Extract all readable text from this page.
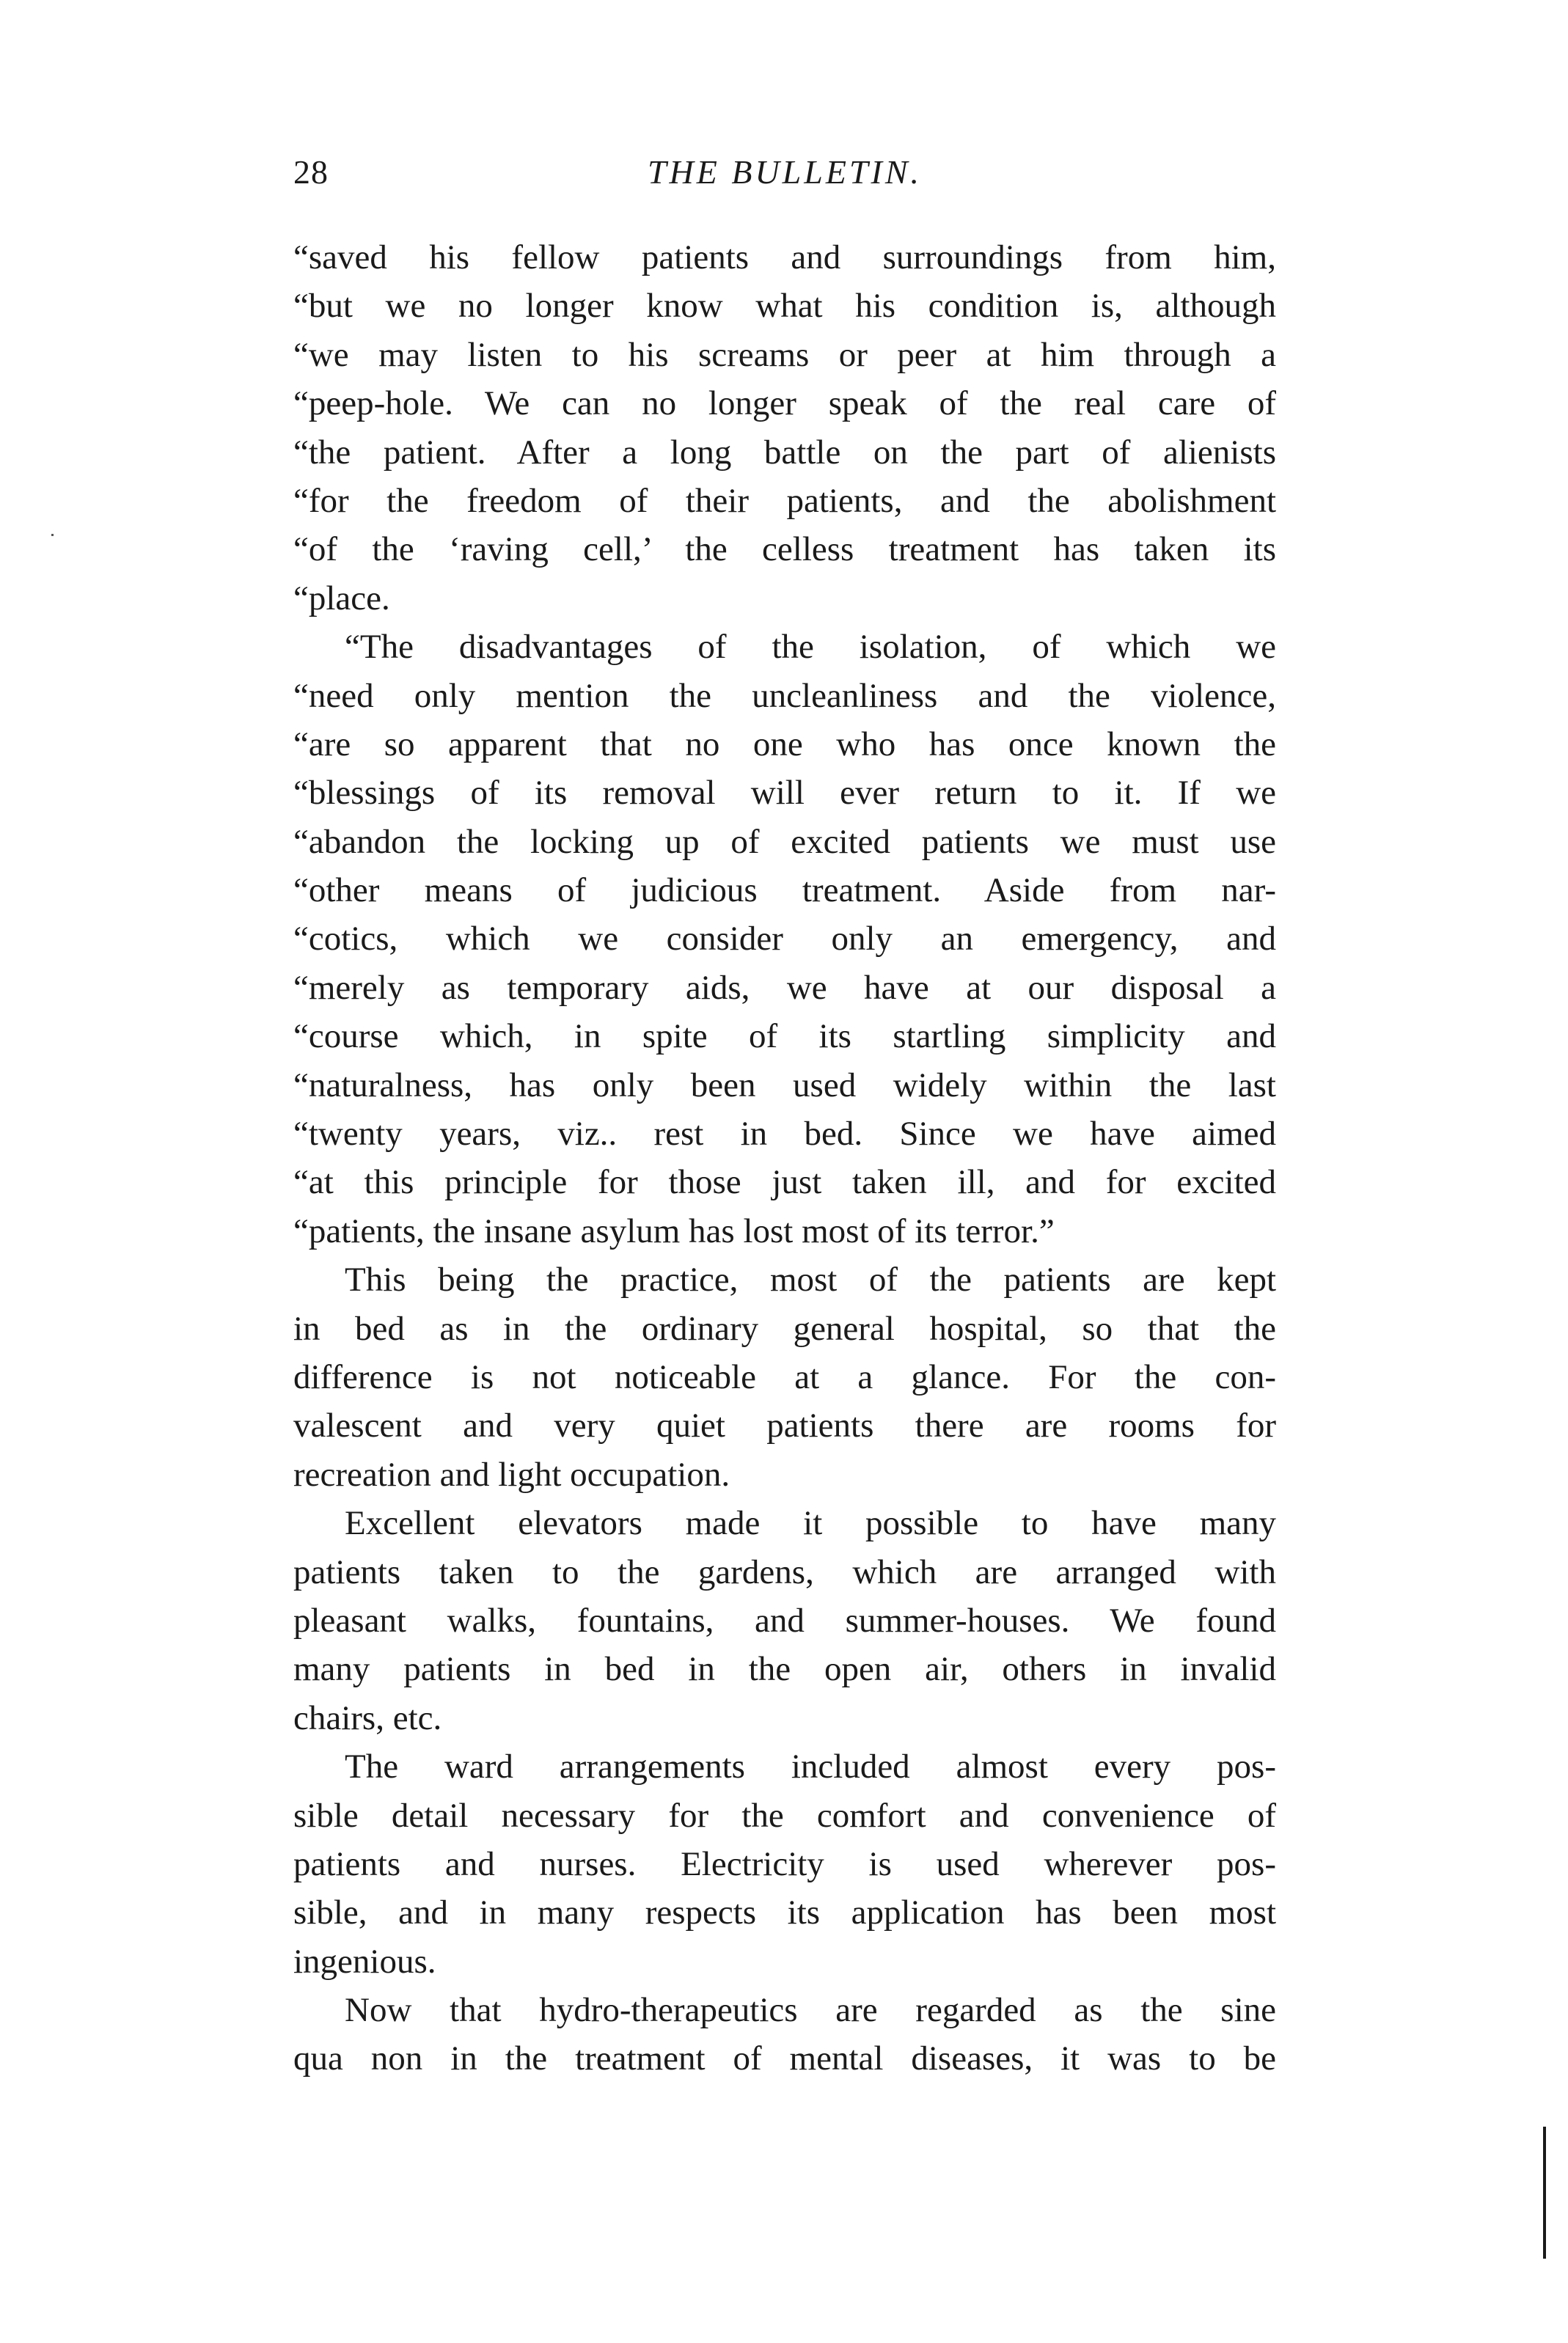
28	THE BULLETIN.
“saved his fellow patients and surroundings from him,
“but we no longer know what his condition is, although
“we may listen to his screams or peer at him through a
“peep-hole. We can no longer speak of the real care of
“the patient. After a long battle on the part of alienists
“for the freedom of their patients, and the abolishment
“of the ‘raving cell,’ the celless treatment has taken its
“place.
“The disadvantages of the isolation, of which we
“need only mention the uncleanliness and the violence,
“are so apparent that no one who has once known the
“blessings of its removal will ever return to it. If we
“abandon the locking up of excited patients we must use
“other means of judicious treatment. Aside from nar-
“cotics, which we consider only an emergency, and
“merely as temporary aids, we have at our disposal a
“course which, in spite of its startling simplicity and
“naturalness, has only been used widely within the last
“twenty years, viz.. rest in bed. Since we have aimed
“at this principle for those just taken ill, and for excited
“patients, the insane asylum has lost most of its terror.”
This being the practice, most of the patients are kept
in bed as in the ordinary general hospital, so that the
difference is not noticeable at a glance. For the con-
valescent and very quiet patients there are rooms for
recreation and light occupation.
Excellent elevators made it possible to have many
patients taken to the gardens, which are arranged with
pleasant walks, fountains, and summer-houses. We found
many patients in bed in the open air, others in invalid
chairs, etc.
The ward arrangements included almost every pos-
sible detail necessary for the comfort and convenience of
patients and nurses. Electricity is used wherever pos-
sible, and in many respects its application has been most
ingenious.
Now that hydro-therapeutics are regarded as the sine
qua non in the treatment of mental diseases, it was to be
